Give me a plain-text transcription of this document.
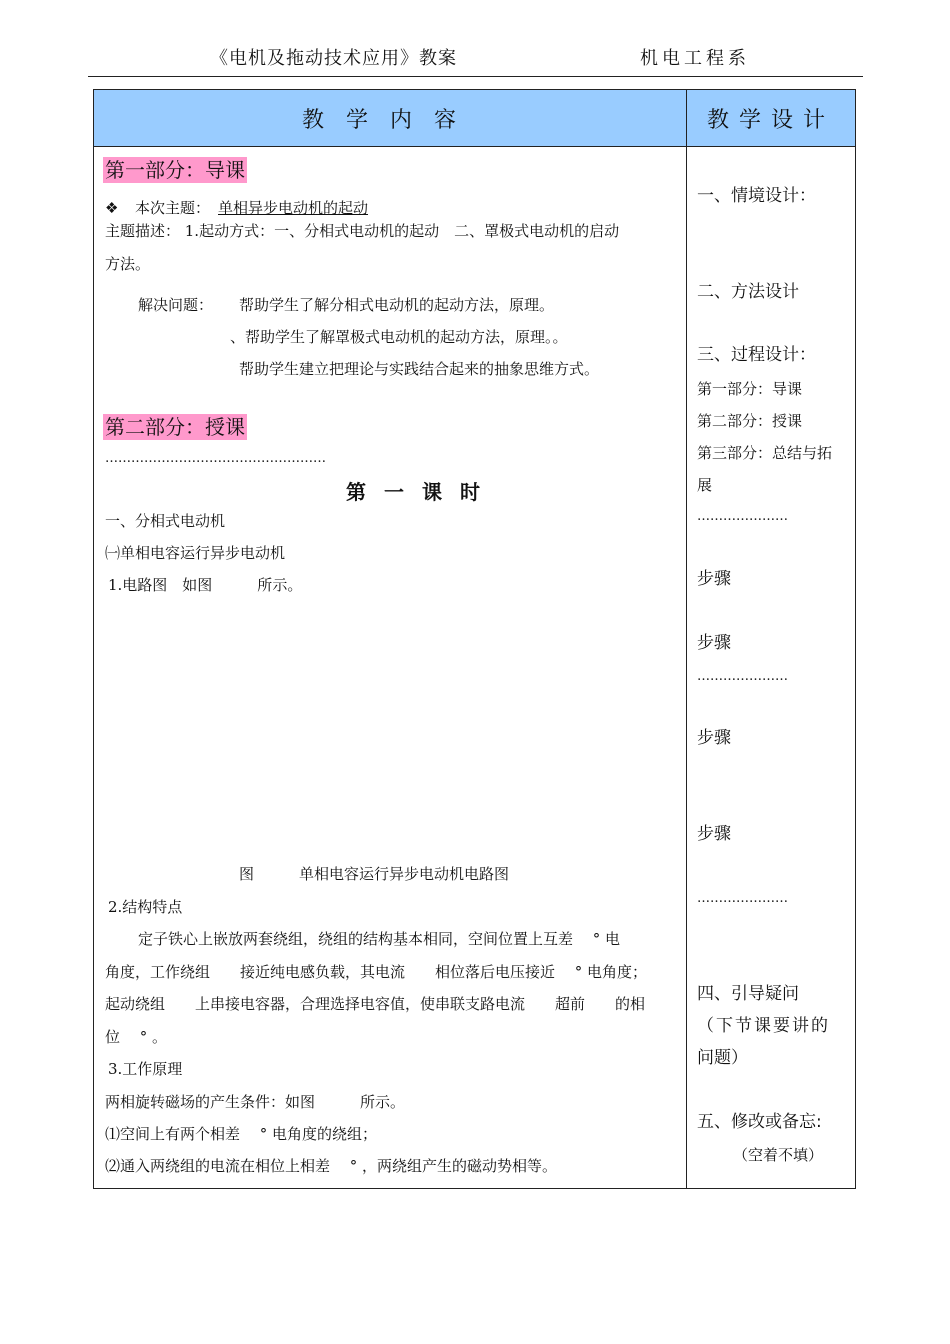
《电机及拖动技术应用》教案	机电工程系
教学内容	教学设计
第一部分：导课
❖ 本次主题： 单相异步电动机的起动
主题描述： 1.起动方式：一、分相式电动机的起动　二、罩极式电动机的启动
方法。
解决问题： 帮助学生了解分相式电动机的起动方法，原理。
、帮助学生了解罩极式电动机的起动方法，原理。。
帮助学生建立把理论与实践结合起来的抽象思维方式。
第二部分：授课
……………………………………………
第一课时
一、分相式电动机
㈠单相电容运行异步电动机
1.电路图　如图　　　所示。
图　　　单相电容运行异步电动机电路图
2.结构特点
定子铁心上嵌放两套绕组，绕组的结构基本相同，空间位置上互差　 ° 电
角度，工作绕组　　接近纯电感负载，其电流　　相位落后电压接近　 ° 电角度；
起动绕组　　上串接电容器，合理选择电容值，使串联支路电流　　超前　　的相
位　 ° 。
3.工作原理
两相旋转磁场的产生条件：如图　　　所示。
⑴空间上有两个相差　 ° 电角度的绕组；
⑵通入两绕组的电流在相位上相差　 ° ，两绕组产生的磁动势相等。
一、情境设计：
二、方法设计
三、过程设计：
第一部分：导课
第二部分：授课
第三部分：总结与拓
展
…………………
步骤
步骤
…………………
步骤
步骤
…………………
四、引导疑问
（下节课要讲的
问题）
五、修改或备忘:
（空着不填）
